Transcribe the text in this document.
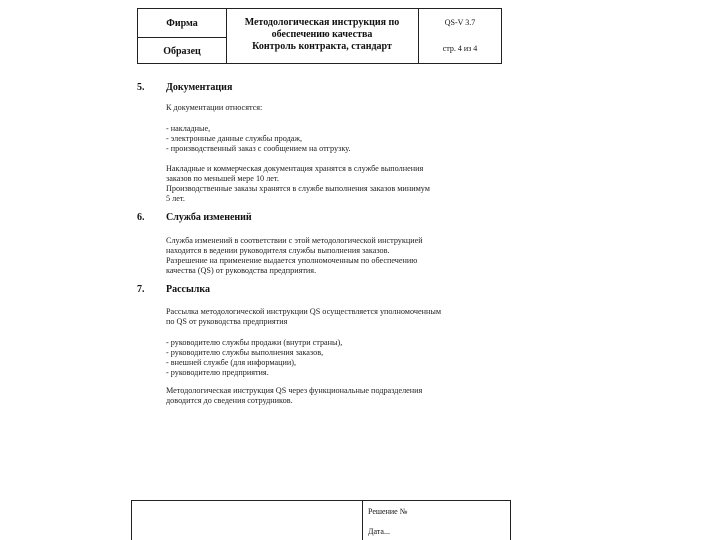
Фирма
Образец
Методологическая инструкция по
обеспечению качества
Контроль контракта, стандарт
QS-V 3.7
стр. 4 из 4
5. Документация
К документации относятся:
- накладные,
- электронные данные службы продаж,
- производственный заказ с сообщением на отгрузку.
Накладные и коммерческая документация хранятся в службе выполнения
заказов по меньшей мере 10 лет.
Производственные заказы хранятся в службе выполнения заказов минимум
5 лет.
6. Служба изменений
Служба изменений в соответствии с этой методологической инструкцией
находится в ведении руководителя службы выполнения заказов.
Разрешение на применение выдается уполномоченным по обеспечению
качества (QS) от руководства предприятия.
7. Рассылка
Рассылка методологической инструкции QS осуществляется уполномоченным
по QS от руководства предприятия
- руководителю службы продажи (внутри страны),
- руководителю службы выполнения заказов,
- внешней службе (для информации),
- руководителю предприятия.
Методологическая инструкция QS через функциональные подразделения
доводится до сведения сотрудников.
Решение №
Дата...
